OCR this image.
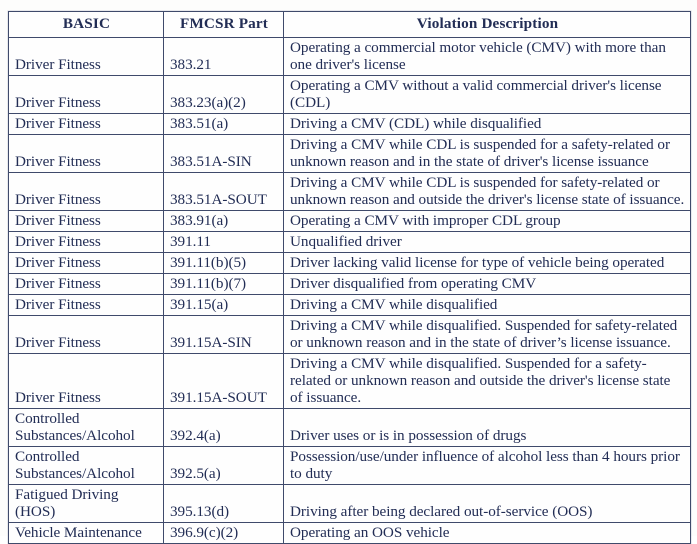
BASIC	FMCSR Part	Violation Description
Driver Fitness	383.21	Operating a commercial motor vehicle (CMV) with more than one driver's license
Driver Fitness	383.23(a)(2)	Operating a CMV without a valid commercial driver's license (CDL)
Driver Fitness	383.51(a)	Driving a CMV (CDL) while disqualified
Driver Fitness	383.51A-SIN	Driving a CMV while CDL is suspended for a safety-related or unknown reason and in the state of driver's license issuance
Driver Fitness	383.51A-SOUT	Driving a CMV while CDL is suspended for safety-related or unknown reason and outside the driver's license state of issuance.
Driver Fitness	383.91(a)	Operating a CMV with improper CDL group
Driver Fitness	391.11	Unqualified driver
Driver Fitness	391.11(b)(5)	Driver lacking valid license for type of vehicle being operated
Driver Fitness	391.11(b)(7)	Driver disqualified from operating CMV
Driver Fitness	391.15(a)	Driving a CMV while disqualified
Driver Fitness	391.15A-SIN	Driving a CMV while disqualified. Suspended for safety-related or unknown reason and in the state of driver’s license issuance.
Driver Fitness	391.15A-SOUT	Driving a CMV while disqualified. Suspended for a safety-related or unknown reason and outside the driver's license state of issuance.
Controlled Substances/Alcohol	392.4(a)	Driver uses or is in possession of drugs
Controlled Substances/Alcohol	392.5(a)	Possession/use/under influence of alcohol less than 4 hours prior to duty
Fatigued Driving (HOS)	395.13(d)	Driving after being declared out-of-service (OOS)
Vehicle Maintenance	396.9(c)(2)	Operating an OOS vehicle
